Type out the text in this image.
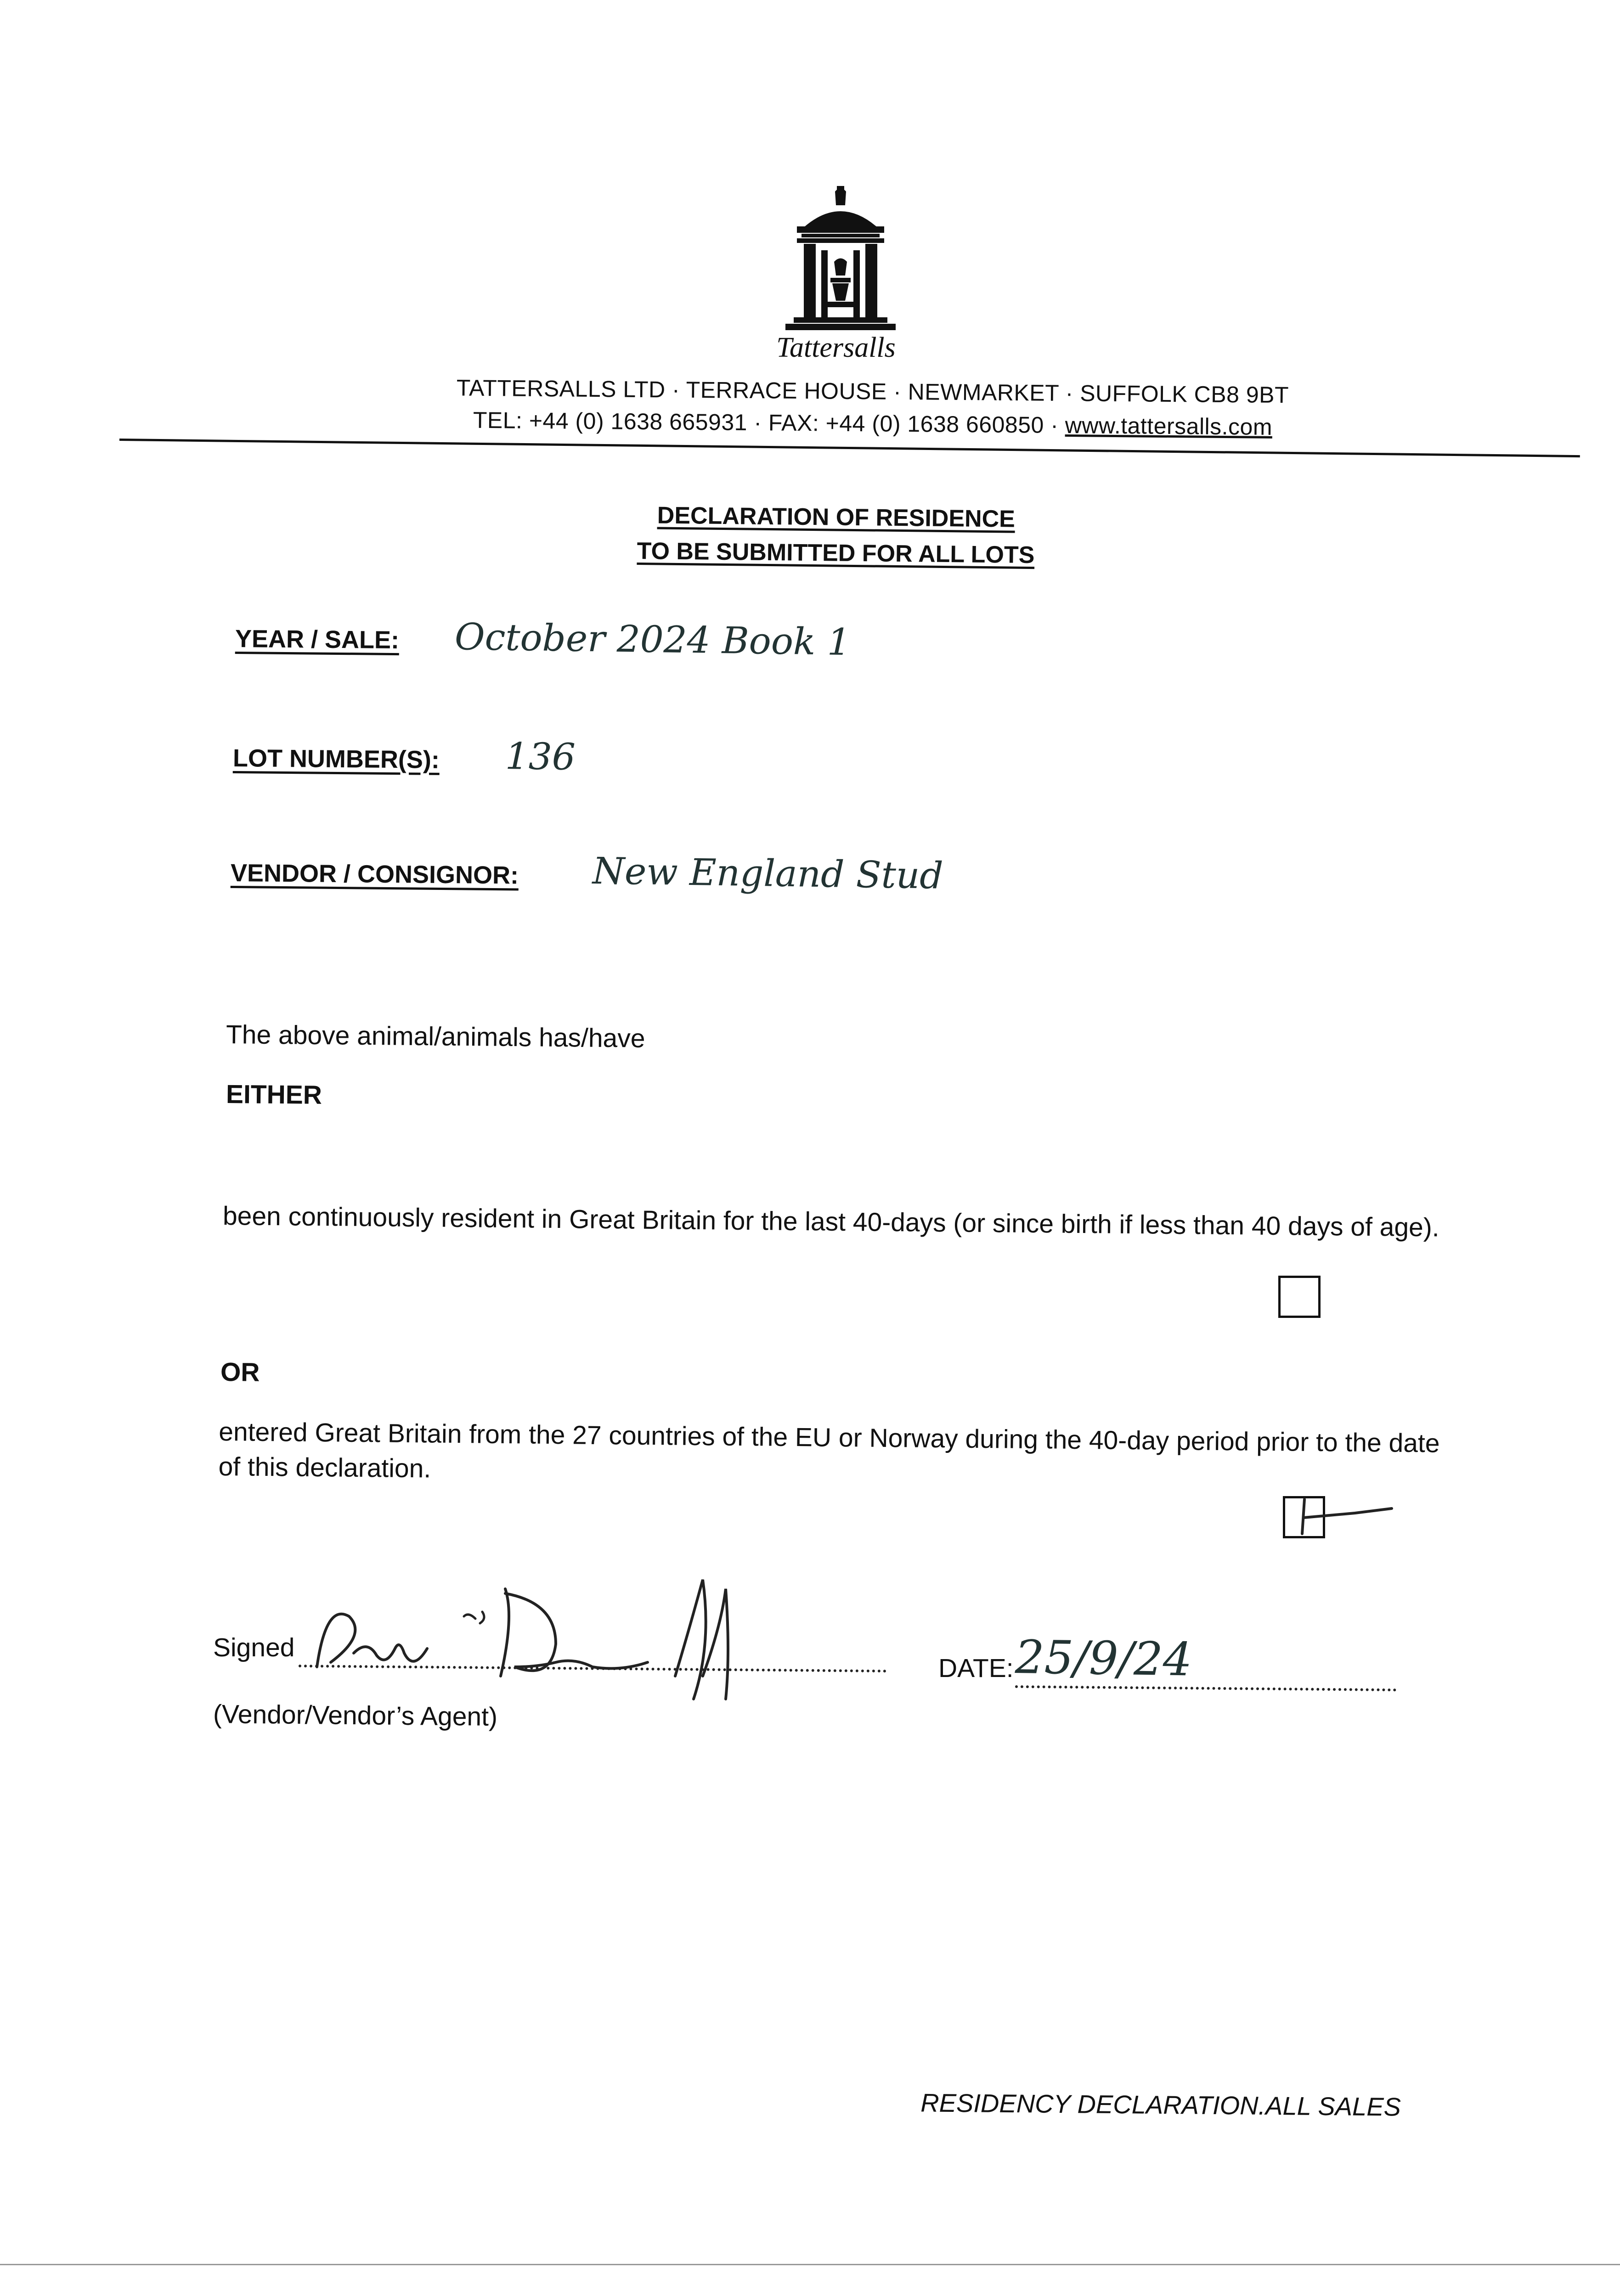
Tattersalls
TATTERSALLS LTD · TERRACE HOUSE · NEWMARKET · SUFFOLK CB8 9BT
TEL: +44 (0) 1638 665931 · FAX: +44 (0) 1638 660850 · www.tattersalls.com
DECLARATION OF RESIDENCE
TO BE SUBMITTED FOR ALL LOTS
YEAR / SALE: October 2024 Book 1
LOT NUMBER(S): 136
VENDOR / CONSIGNOR: New England Stud
The above animal/animals has/have
EITHER
been continuously resident in Great Britain for the last 40-days (or since birth if less than 40 days of age).
OR
entered Great Britain from the 27 countries of the EU or Norway during the 40-day period prior to the date of this declaration.
Signed
(Vendor/Vendor’s Agent)
DATE: 25/9/24
RESIDENCY DECLARATION.ALL SALES
